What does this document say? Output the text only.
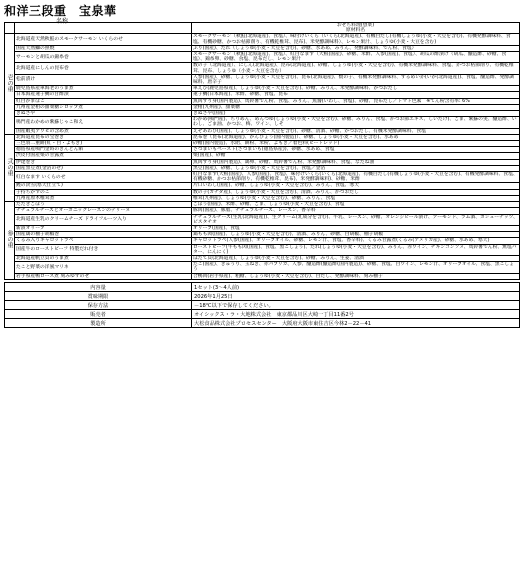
和洋三段重　宝泉華
名称

		おせち料理(惣菜)
原材料名

壱の重	北海道産天然秋鮭のスモークサーモン いくらのせ	スモークサーモン（秋鮭(北海道産)、食塩）、味付けいくら（いくら(北海道産)、有機白だし(有機しょうゆ(小麦・大豆を含む)、有機発酵調味料、食塩、有機砂糖、かつお枯節削り、有機乾椎茸、昆布)、米発酵調味料）、レモン果汁、しょうゆ(小麦・大豆を含む)
	国産天然鰤の照焼	ぶり(国産)、たれ（しょうゆ(小麦・大豆を含む)、砂糖、水あめ、みりん、発酵調味料、でん粉、食塩）
	サーモンと胡瓜の錦糸巻	スモークサーモン（秋鮭(北海道産)、食塩）、紅白なます（大根(国産)、砂糖、米酢、人参(国産)、食塩）、胡瓜の酢漬け（胡瓜、醸造酢、砂糖、食塩）、錦糸卵、砂糖、食塩、昆布だし、レモン果汁
	北海道産にしんの昆布巻	数の子（北海道産）、にしん(北海道産)、昆布(北海道産)、砂糖、しょうゆ(小麦・大豆を含む)、有機米発酵調味料、食塩、かつお枯節削り、有機乾椎茸、昆布、しょうゆ（小麦・大豆を含む）
	松前漬け	人参(国産)、砂糖、しょうゆ(小麦・大豆を含む)、昆布(北海道産)、数の子、有機米発酵調味料、するめいか(いか(北海道産))、食塩、醸造酢、発酵調味料、唐辛子
	鹿児島県産車海老のうま煮	車えび(鹿児島県産)、しょうゆ(小麦・大豆を含む)、砂糖、みりん、米発酵調味料、かつおだし
	日本海産蓮子鯛の甘酢漬	蓮子鯛(日本海産)、米酢、砂糖、食塩、昆布
	紅白かまぼこ	魚肉すり身(国内製造)、馬鈴薯でん粉、食塩、みりん、魚醤(いわし、食塩)、砂糖、昆布だし／トマト色素　※てん粉含有率: 6%
	九州産金柑の甜菜糖シロップ煮	金柑(九州産)、甜菜糖
	きぬさや	きぬさや(国産)
	鳴門産わかめの紫蘇じゃこ和え	わかめ(鳴門産)、ちりめん、めんつゆ(しょうゆ(小麦・大豆を含む)、砂糖、みりん、食塩、かつお節エキス、しいたけ)、ごま、紫蘇の実、醸造酢、いわし、ごま油、かつお、梅、ワイン、しそ
	国産蝦夷アワビの含め煮	えぞあわび(国産)、しょうゆ(小麦・大豆を含む)、砂糖、清酒、砂糖、かつおだし、有機米発酵調味料、食塩
弐の重	北海道産昆布の宝巻き	昆布巻（昆布(北海道産)、かんぴょう(国内製造)）、砂糖、しょうゆ(小麦・大豆を含む)、水あめ
	三色羽二重餅(紅・白・よもぎ)	砂糖(国内製造)、水飴、餅粉、米粉、よもぎ／着色料(ビートレッド)
	徳島県産鳴門金時のきんとん餡	さつまいもペースト(さつまいも(徳島県産))、砂糖、水あめ、食塩
	渋皮付国産栗の甘露煮	栗(国産)、砂糖
	伊達巻き	魚肉すり身(国内製造)、鶏卵、砂糖、馬鈴薯でん粉、米発酵調味料、食塩、なたね油
	国産黒豆煮(金箔のせ)	黒豆(国産)、砂糖、しょうゆ(小麦・大豆を含む)、食塩／金箔
	紅白なます いくらのせ	紅白なます(大根(国産)、人参(国産)、食塩)、味付けいくら(いくら(北海道産)、有機白だし(有機しょうゆ(小麦・大豆を含む)、有機発酵調味料、食塩、有機砂糖、かつお枯節削り、有機乾椎茸、昆布)、米発酵調味料)、砂糖、米酢
	鰹の淡雪(寒天仕立て)	片口いわし(国産)、砂糖、しょうゆ(小麦・大豆を含む)、みりん、食塩、寒天
	子持ちかずのこ	数の子(カナダ産)、しょうゆ(小麦・大豆を含む)、清酒、みりん、かつおだし
	九州産原木椎茸煮	椎茸(九州産)、しょうゆ(小麦・大豆を含む)、砂糖、みりん、食塩
参の重	たたきごぼう	ごぼう(国産)、米酢、砂糖、ごま、しょうゆ(小麦・大豆を含む)、食塩
	ナチュラルチーズとオーガニックレーズンのテリーヌ	豚肉(国産)、豚脂、ナチュラルチーズ、レーズン、香辛料
	北海道産生乳のクリームチーズ ドライフルーツ入り	ナチュラルチーズ(生乳(北海道産))、生クリーム(乳成分を含む)、牛乳、レーズン、砂糖、オレンジピール漬け、アーモンド、ラム酒、カシューナッツ、ピスタチオ
	新漬オリーブ	オリーブ(国産)、食塩
	国産鶏の柚子胡椒巻	鶏もも肉(国産)、しょうゆ(小麦・大豆を含む)、清酒、みりん、砂糖、白胡椒、柚子胡椒
	くるみ入りキャロットラペ	キャロットラペ(人参(国産)、オリーブオイル、砂糖、レモン汁、食塩、香辛料)、くるみ甘露煮(くるみ(アメリカ産)、砂糖、水あめ、寒天)
	国産牛のローストビーフ 特製だれ付き	ローストビーフ(牛もも肉(国産)、食塩、黒こしょう)、たれ(しょうゆ(小麦・大豆を含む)、みりん、赤ワイン、チキンコンソメ、馬鈴薯でん粉、無塩バター、にんにく)
	北海道産帆立貝のうま煮	ほたて貝(北海道産)、しょうゆ(小麦・大豆を含む)、砂糖、みりん、生姜、清酒
	たこと野菜の洋風マリネ	たこ(国産)、きゅうり、玉ねぎ、赤パプリカ、人参、醸造酢(醸造酢(国内製造))、砂糖、食塩、白ワイン、レモン汁、オリーブオイル、食塩、黒こしょう
	岩手県産鴨ロース煮 刻みゆずのせ	合鴨肉(岩手県産)、粗糖、しょうゆ(小麦・大豆を含む)、白だし、発酵調味料、刻み柚子
内容量	1セット(3～4人前)
賞味期限	2026年1月25日
保存方法	－18℃以下で保存してください。
販売者	オイシックス・ラ・大地株式会社　東京都品川区大崎一丁目11番2号
製造所	大松食品株式会社プロセスセンター　大阪府大阪市東住吉区今林2－22－41
